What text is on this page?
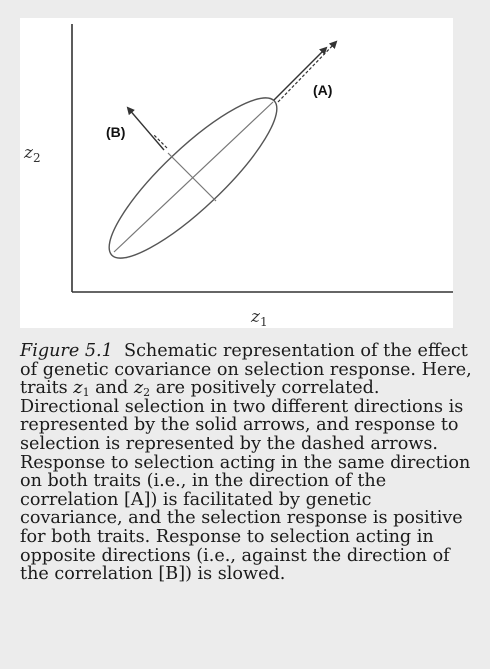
(A)
(B)
$z_2$
$z_1$
Figure 5.1 Schematic representation of the effect of genetic covariance on selection response. Here, traits $z_1$ and $z_2$ are positively correlated. Directional selection in two different directions is represented by the solid arrows, and response to selection is represented by the dashed arrows. Response to selection acting in the same direction on both traits (i.e., in the direction of the correlation [A]) is facilitated by genetic covariance, and the selection response is positive for both traits. Response to selection acting in opposite directions (i.e., against the direction of the correlation [B]) is slowed.
